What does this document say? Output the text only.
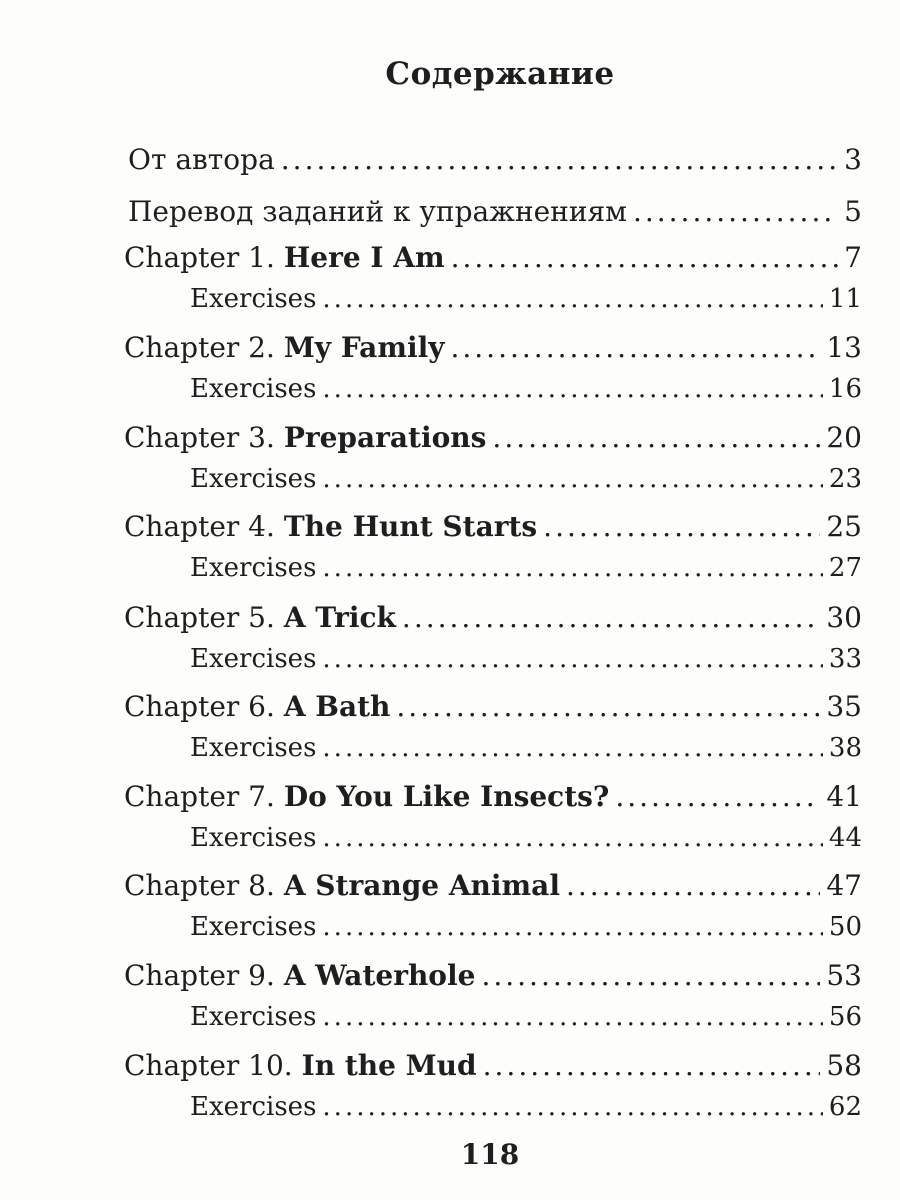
Содержание
От автора .....	3
Перевод заданий к упражнениям .....	5
Chapter 1. Here I Am .....	7
Exercises .....	11
Chapter 2. My Family .....	13
Exercises .....	16
Chapter 3. Preparations .....	20
Exercises .....	23
Chapter 4. The Hunt Starts .....	25
Exercises .....	27
Chapter 5. A Trick .....	30
Exercises .....	33
Chapter 6. A Bath .....	35
Exercises .....	38
Chapter 7. Do You Like Insects? .....	41
Exercises .....	44
Chapter 8. A Strange Animal .....	47
Exercises .....	50
Chapter 9. A Waterhole .....	53
Exercises .....	56
Chapter 10. In the Mud .....	58
Exercises .....	62
118
